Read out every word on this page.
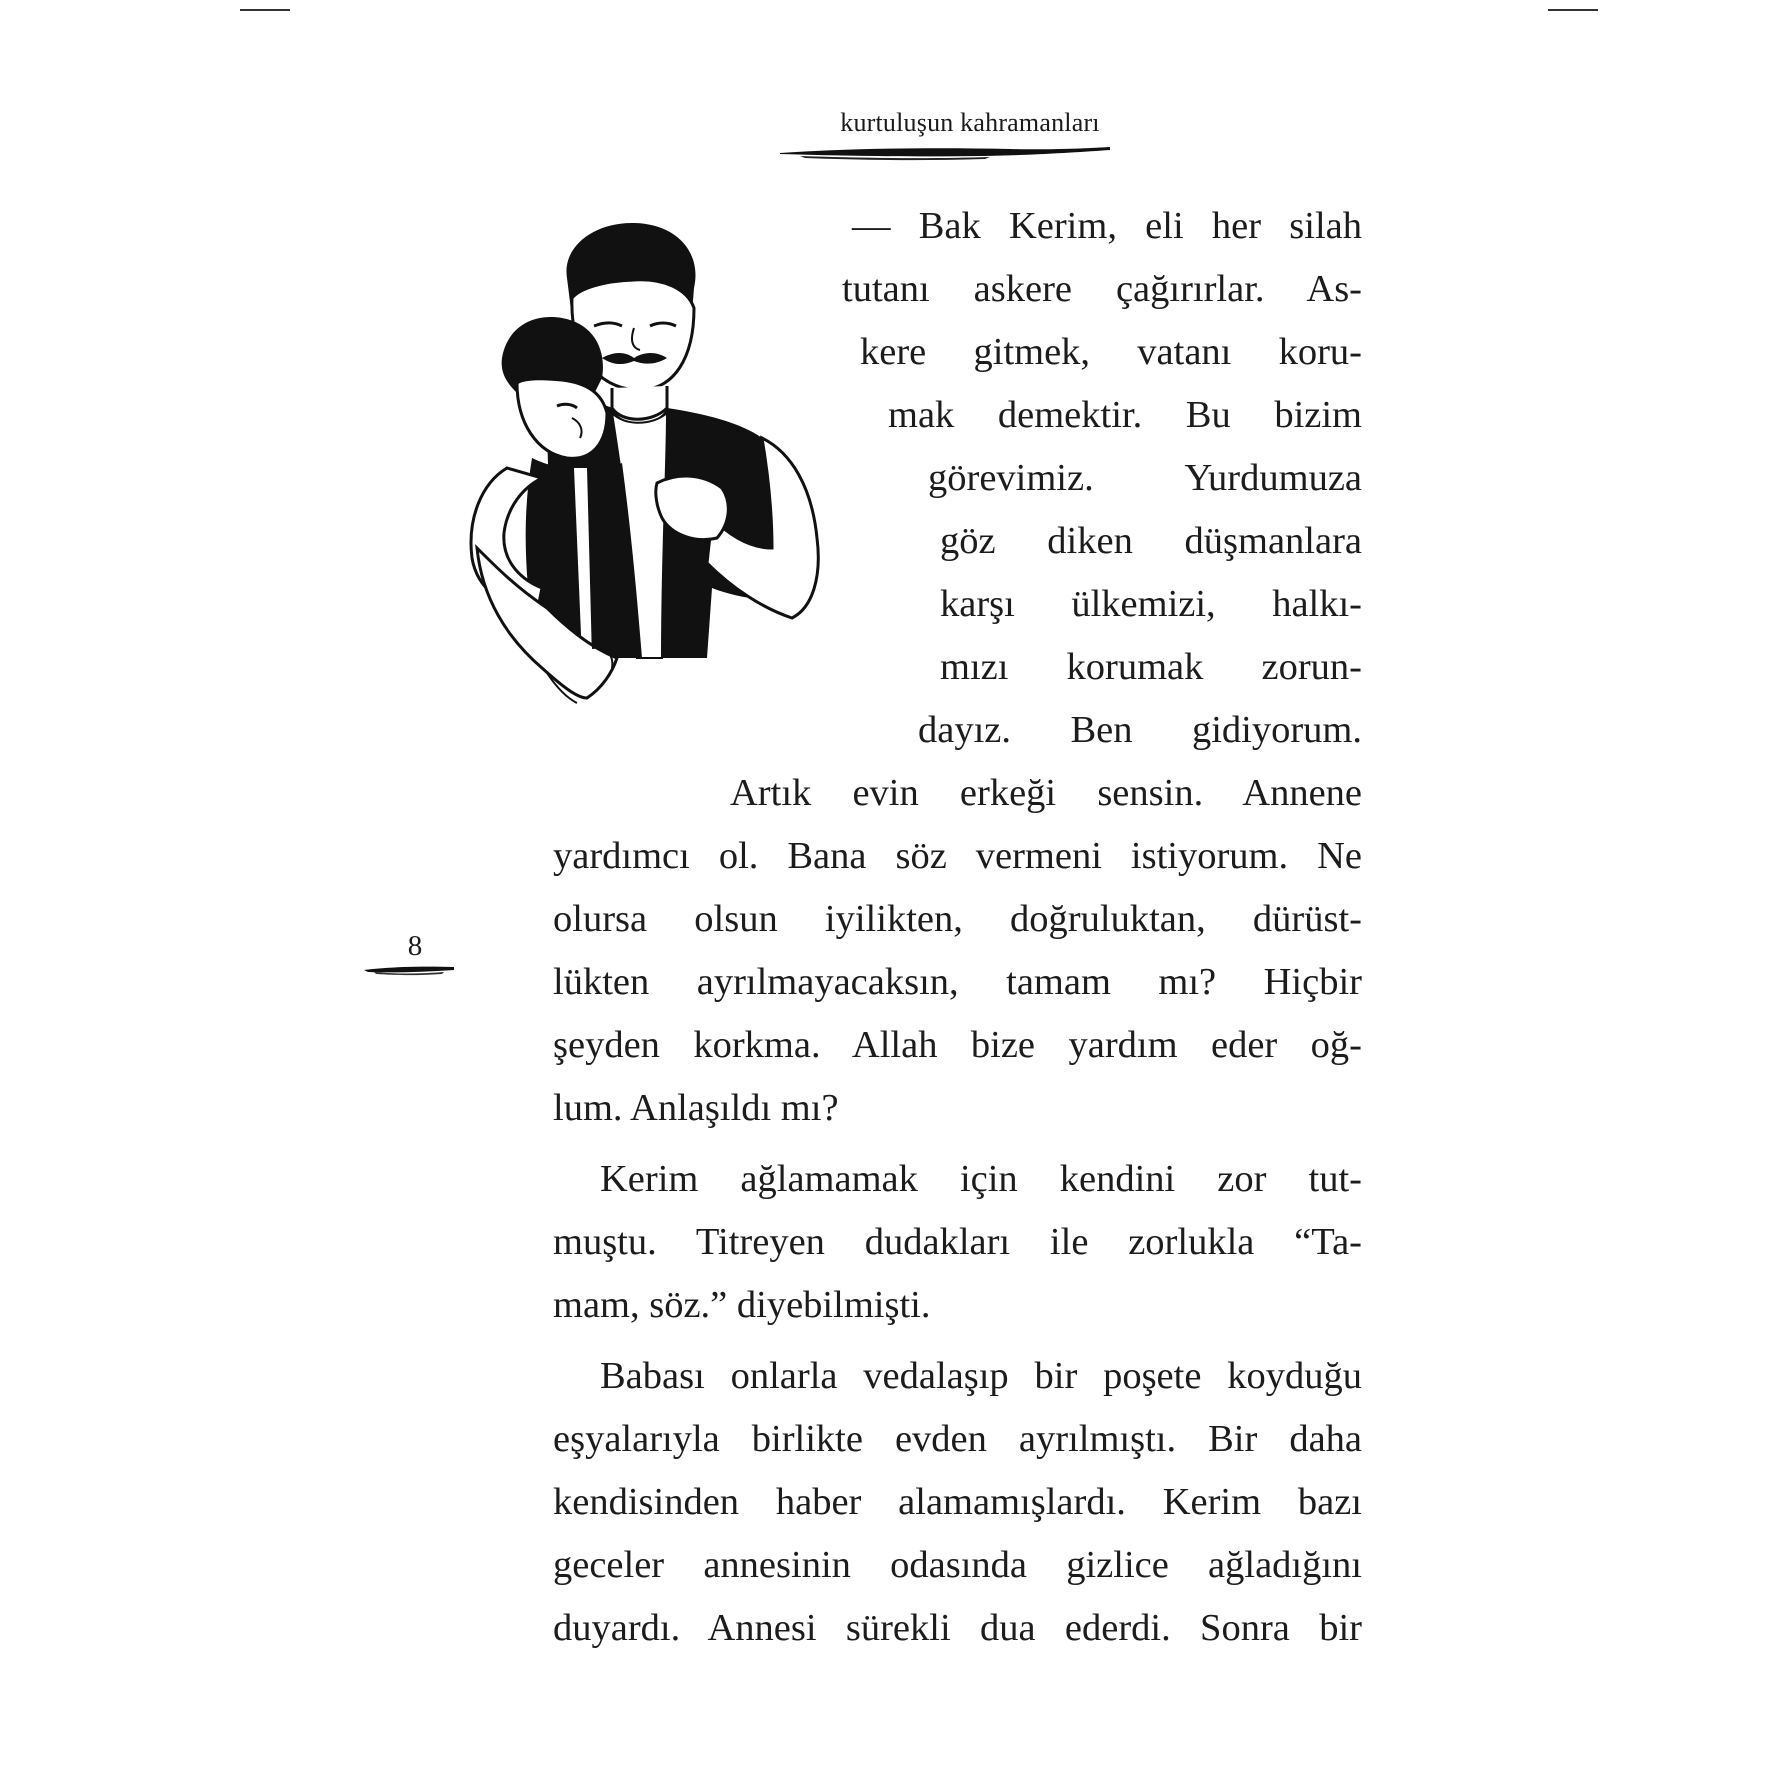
kurtuluşun kahramanları
8
— Bak Kerim, eli her silah
tutanı askere çağırırlar. As-
kere gitmek, vatanı koru-
mak demektir. Bu bizim
görevimiz. Yurdumuza
göz diken düşmanlara
karşı ülkemizi, halkı-
mızı korumak zorun-
dayız. Ben gidiyorum.
Artık evin erkeği sensin. Annene
yardımcı ol. Bana söz vermeni istiyorum. Ne
olursa olsun iyilikten, doğruluktan, dürüst-
lükten ayrılmayacaksın, tamam mı? Hiçbir
şeyden korkma. Allah bize yardım eder oğ-
lum. Anlaşıldı mı?
Kerim ağlamamak için kendini zor tut-
muştu. Titreyen dudakları ile zorlukla “Ta-
mam, söz.” diyebilmişti.
Babası onlarla vedalaşıp bir poşete koyduğu
eşyalarıyla birlikte evden ayrılmıştı. Bir daha
kendisinden haber alamamışlardı. Kerim bazı
geceler annesinin odasında gizlice ağladığını
duyardı. Annesi sürekli dua ederdi. Sonra bir
